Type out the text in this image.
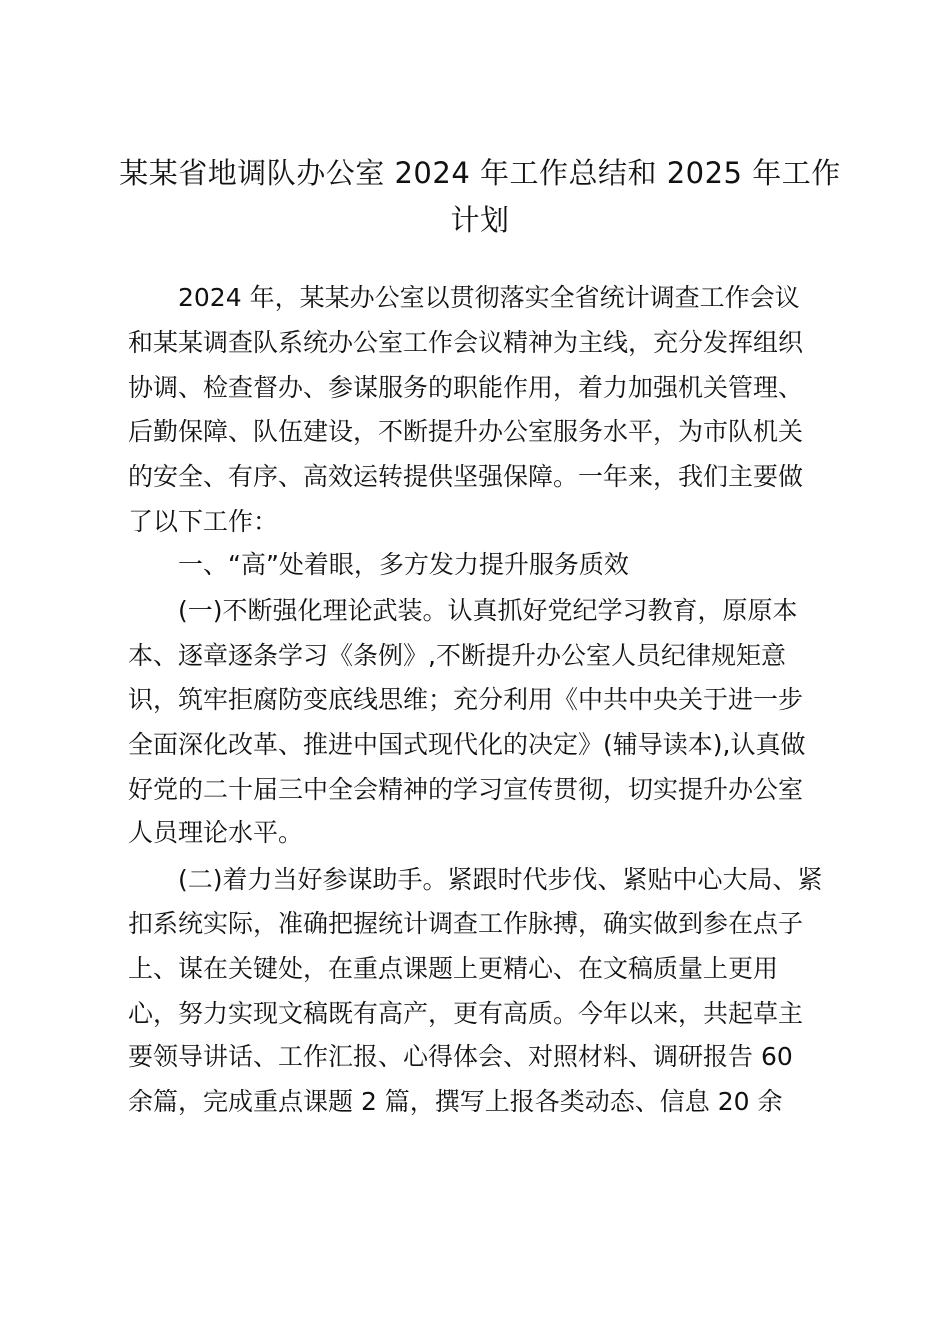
某某省地调队办公室 2024 年工作总结和 2025 年工作
计划

2024 年，某某办公室以贯彻落实全省统计调查工作会议

和某某调查队系统办公室工作会议精神为主线，充分发挥组织

协调、检查督办、参谋服务的职能作用，着力加强机关管理、

后勤保障、队伍建设，不断提升办公室服务水平，为市队机关

的安全、有序、高效运转提供坚强保障。一年来，我们主要做

了以下工作：

一、“高”处着眼，多方发力提升服务质效

(一)不断强化理论武装。认真抓好党纪学习教育，原原本

本、逐章逐条学习《条例》,不断提升办公室人员纪律规矩意

识，筑牢拒腐防变底线思维；充分利用《中共中央关于进一步

全面深化改革、推进中国式现代化的决定》(辅导读本),认真做

好党的二十届三中全会精神的学习宣传贯彻，切实提升办公室

人员理论水平。

(二)着力当好参谋助手。紧跟时代步伐、紧贴中心大局、紧

扣系统实际，准确把握统计调查工作脉搏，确实做到参在点子

上、谋在关键处，在重点课题上更精心、在文稿质量上更用

心，努力实现文稿既有高产，更有高质。今年以来，共起草主

要领导讲话、工作汇报、心得体会、对照材料、调研报告 60

余篇，完成重点课题 2 篇，撰写上报各类动态、信息 20 余
